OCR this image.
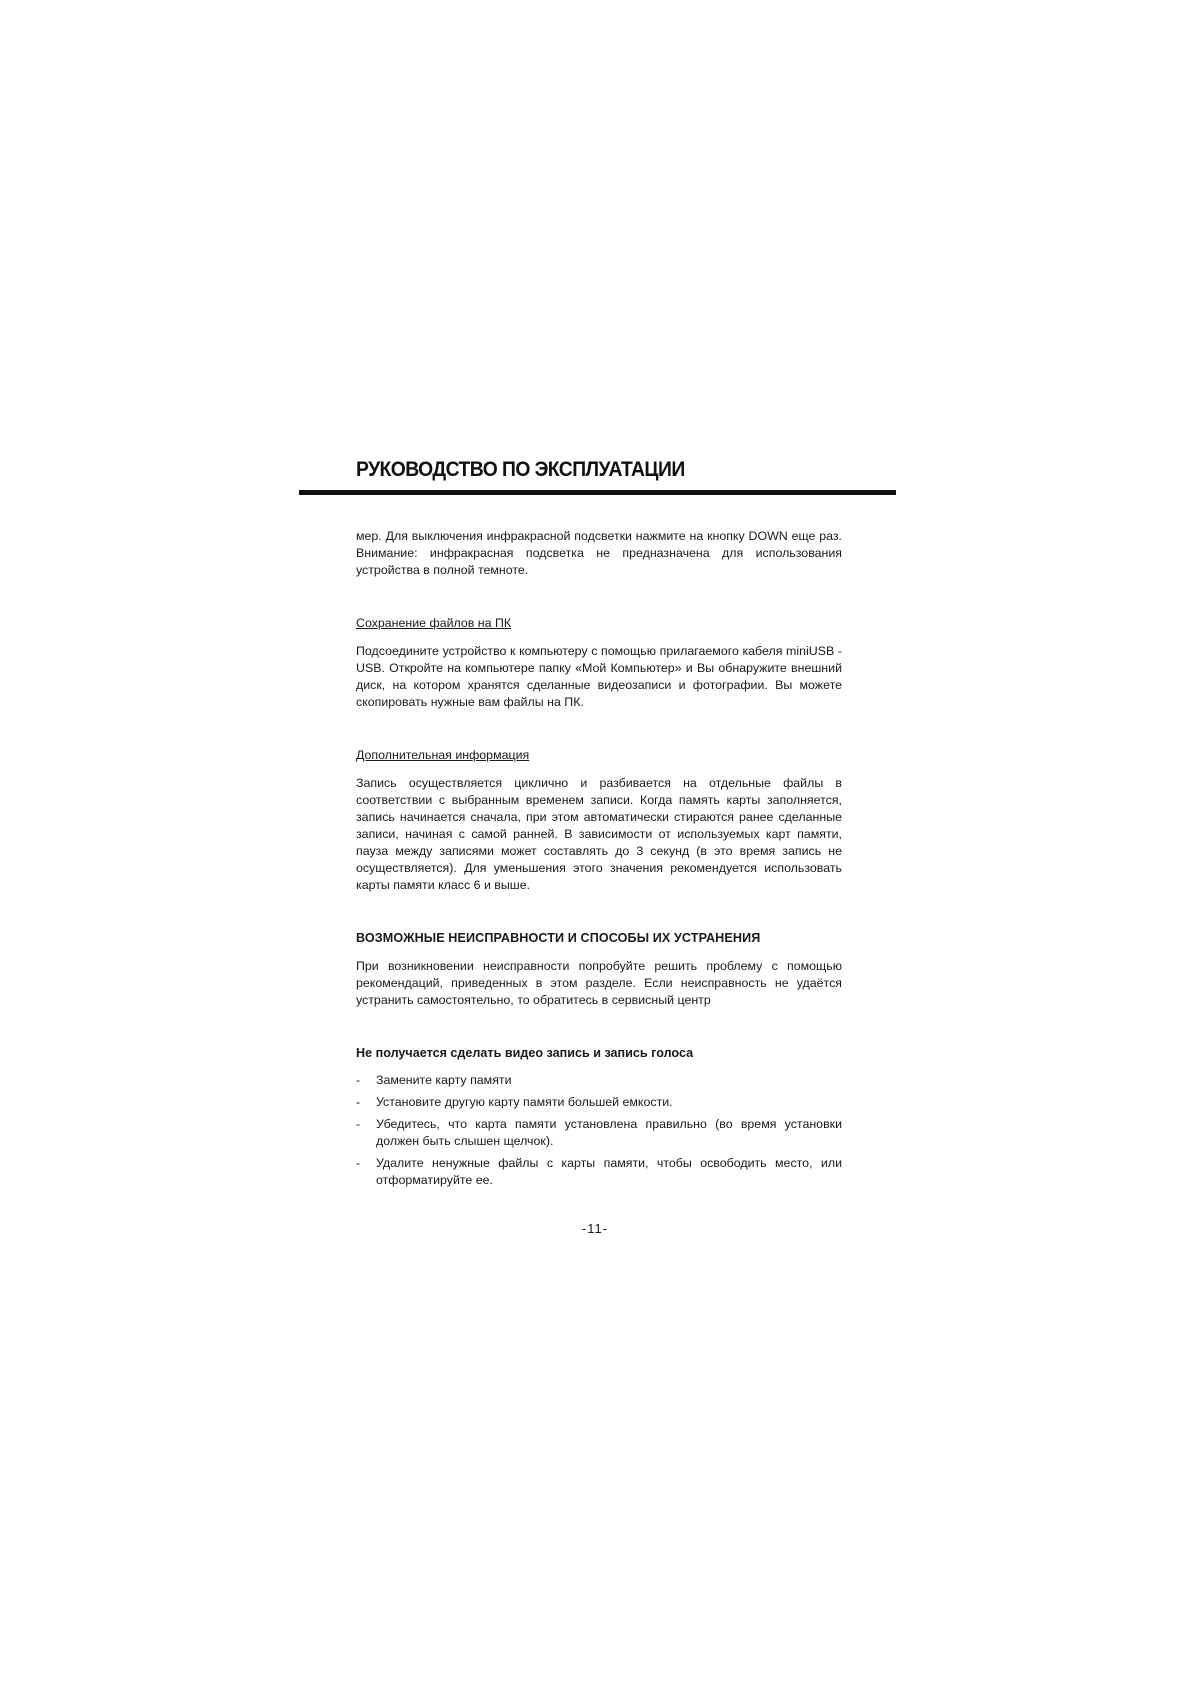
РУКОВОДСТВО ПО ЭКСПЛУАТАЦИИ

мер. Для выключения инфракрасной подсветки нажмите на кнопку DOWN еще раз. Внимание: инфракрасная подсветка не предназначена для использования устройства в полной темноте.

Сохранение файлов на ПК

Подсоедините устройство к компьютеру с помощью прилагаемого кабеля miniUSB - USB. Откройте на компьютере папку «Мой Компьютер» и Вы обнаружите внешний диск, на котором хранятся сделанные видеозаписи и фотографии. Вы можете скопировать нужные вам файлы на ПК.

Дополнительная информация

Запись осуществляется циклично и разбивается на отдельные файлы в соответствии с выбранным временем записи. Когда память карты заполняется, запись начинается сначала, при этом автоматически стираются ранее сделанные записи, начиная с самой ранней. В зависимости от используемых карт памяти, пауза между записями может составлять до 3 секунд (в это время запись не осуществляется). Для уменьшения этого значения рекомендуется использовать карты памяти класс 6 и выше.

ВОЗМОЖНЫЕ НЕИСПРАВНОСТИ И СПОСОБЫ ИХ УСТРАНЕНИЯ

При возникновении неисправности попробуйте решить проблему с помощью рекомендаций, приведенных в этом разделе. Если неисправность не удаётся устранить самостоятельно, то обратитесь в сервисный центр

Не получается сделать видео запись и запись голоса

- Замените карту памяти
- Установите другую карту памяти большей емкости.
- Убедитесь, что карта памяти установлена правильно (во время установки должен быть слышен щелчок).
- Удалите ненужные файлы с карты памяти, чтобы освободить место, или отформатируйте ее.
-11-
